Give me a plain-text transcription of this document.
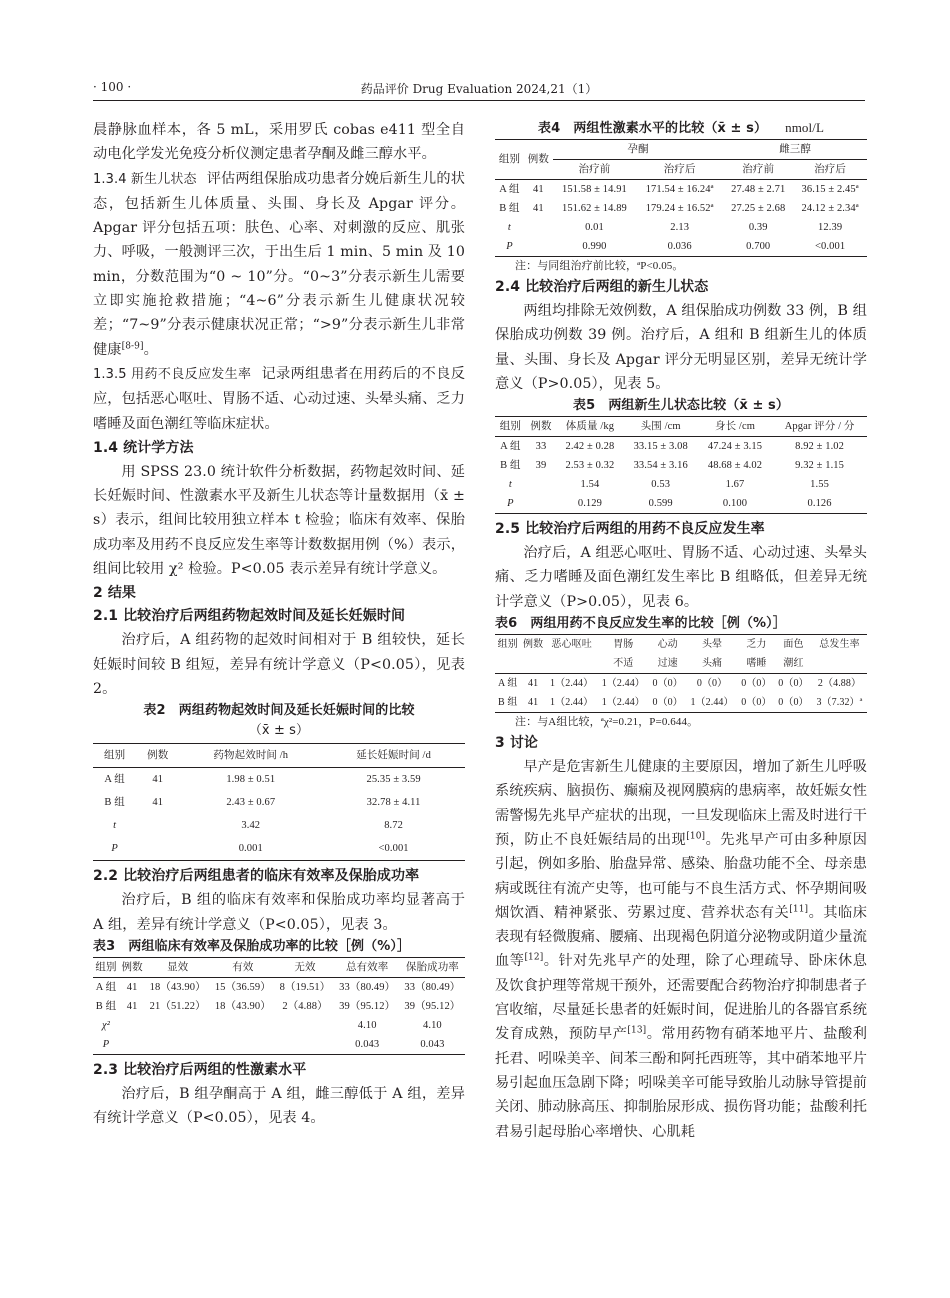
· 100 ·	药品评价 Drug Evaluation 2024,21（1）

晨静脉血样本，各 5 mL，采用罗氏 cobas e411 型全自动电化学发光免疫分析仪测定患者孕酮及雌三醇水平。

1.3.4 新生儿状态 评估两组保胎成功患者分娩后新生儿的状态，包括新生儿体质量、头围、身长及 Apgar 评分。Apgar 评分包括五项：肤色、心率、对刺激的反应、肌张力、呼吸，一般测评三次，于出生后 1 min、5 min 及 10 min，分数范围为“0 ~ 10”分。“0~3”分表示新生儿需要立即实施抢救措施；“4~6”分表示新生儿健康状况较差；“7~9”分表示健康状况正常；“>9”分表示新生儿非常健康[8-9]。

1.3.5 用药不良反应发生率 记录两组患者在用药后的不良反应，包括恶心呕吐、胃肠不适、心动过速、头晕头痛、乏力嗜睡及面色潮红等临床症状。

1.4 统计学方法

用 SPSS 23.0 统计软件分析数据，药物起效时间、延长妊娠时间、性激素水平及新生儿状态等计量数据用（x̄ ± s）表示，组间比较用独立样本 t 检验；临床有效率、保胎成功率及用药不良反应发生率等计数数据用例（%）表示，组间比较用 χ² 检验。P<0.05 表示差异有统计学意义。

2 结果
2.1 比较治疗后两组药物起效时间及延长妊娠时间

治疗后，A 组药物的起效时间相对于 B 组较快，延长妊娠时间较 B 组短，差异有统计学意义（P<0.05），见表 2。

表2　两组药物起效时间及延长妊娠时间的比较
（x̄ ± s）
组别	例数	药物起效时间 /h	延长妊娠时间 /d
A 组	41	1.98 ± 0.51	25.35 ± 3.59
B 组	41	2.43 ± 0.67	32.78 ± 4.11
t		3.42	8.72
P		0.001	<0.001
2.2 比较治疗后两组患者的临床有效率及保胎成功率

治疗后，B 组的临床有效率和保胎成功率均显著高于 A 组，差异有统计学意义（P<0.05），见表 3。

表3　两组临床有效率及保胎成功率的比较［例（%）］
组别	例数	显效	有效	无效	总有效率	保胎成功率
A 组	41	18（43.90）	15（36.59）	8（19.51）	33（80.49）	33（80.49）
B 组	41	21（51.22）	18（43.90）	2（4.88）	39（95.12）	39（95.12）
χ²					4.10	4.10
P					0.043	0.043
2.3 比较治疗后两组的性激素水平

治疗后，B 组孕酮高于 A 组，雌三醇低于 A 组，差异有统计学意义（P<0.05），见表 4。

表4　两组性激素水平的比较（x̄ ± s） nmol/L
组别	例数	孕酮		雌三醇	
		治疗前	治疗后	治疗前	治疗后
A 组	41	151.58 ± 14.91	171.54 ± 16.24ª	27.48 ± 2.71	36.15 ± 2.45ª
B 组	41	151.62 ± 14.89	179.24 ± 16.52ª	27.25 ± 2.68	24.12 ± 2.34ª
t		0.01	2.13	0.39	12.39
P		0.990	0.036	0.700	<0.001
注：与同组治疗前比较，ªP<0.05。
2.4 比较治疗后两组的新生儿状态

两组均排除无效例数，A 组保胎成功例数 33 例，B 组保胎成功例数 39 例。治疗后，A 组和 B 组新生儿的体质量、头围、身长及 Apgar 评分无明显区别，差异无统计学意义（P>0.05），见表 5。

表5　两组新生儿状态比较（x̄ ± s）
组别	例数	体质量 /kg	头围 /cm	身长 /cm	Apgar 评分 / 分
A 组	33	2.42 ± 0.28	33.15 ± 3.08	47.24 ± 3.15	8.92 ± 1.02
B 组	39	2.53 ± 0.32	33.54 ± 3.16	48.68 ± 4.02	9.32 ± 1.15
t		1.54	0.53	1.67	1.55
P		0.129	0.599	0.100	0.126
2.5 比较治疗后两组的用药不良反应发生率

治疗后，A 组恶心呕吐、胃肠不适、心动过速、头晕头痛、乏力嗜睡及面色潮红发生率比 B 组略低，但差异无统计学意义（P>0.05），见表 6。

表6　两组用药不良反应发生率的比较［例（%）］
组别	例数	恶心呕吐	胃肠	心动	头晕	乏力	面色	总发生率
			不适	过速	头痛	嗜睡	潮红	
A 组	41	1（2.44）	1（2.44）	0（0）	0（0）	0（0）	0（0）	2（4.88）
B 组	41	1（2.44）	1（2.44）	0（0）	1（2.44）	0（0）	0（0）	3（7.32）ª
注：与A组比较，ªχ²=0.21，P=0.644。
3 讨论

早产是危害新生儿健康的主要原因，增加了新生儿呼吸系统疾病、脑损伤、癫痫及视网膜病的患病率，故妊娠女性需警惕先兆早产症状的出现，一旦发现临床上需及时进行干预，防止不良妊娠结局的出现[10]。先兆早产可由多种原因引起，例如多胎、胎盘异常、感染、胎盘功能不全、母亲患病或既往有流产史等，也可能与不良生活方式、怀孕期间吸烟饮酒、精神紧张、劳累过度、营养状态有关[11]。其临床表现有轻微腹痛、腰痛、出现褐色阴道分泌物或阴道少量流血等[12]。针对先兆早产的处理，除了心理疏导、卧床休息及饮食护理等常规干预外，还需要配合药物治疗抑制患者子宫收缩，尽量延长患者的妊娠时间，促进胎儿的各器官系统发育成熟，预防早产[13]。常用药物有硝苯地平片、盐酸利托君、吲哚美辛、间苯三酚和阿托西班等，其中硝苯地平片易引起血压急剧下降；吲哚美辛可能导致胎儿动脉导管提前关闭、肺动脉高压、抑制胎尿形成、损伤肾功能；盐酸利托君易引起母胎心率增快、心肌耗
